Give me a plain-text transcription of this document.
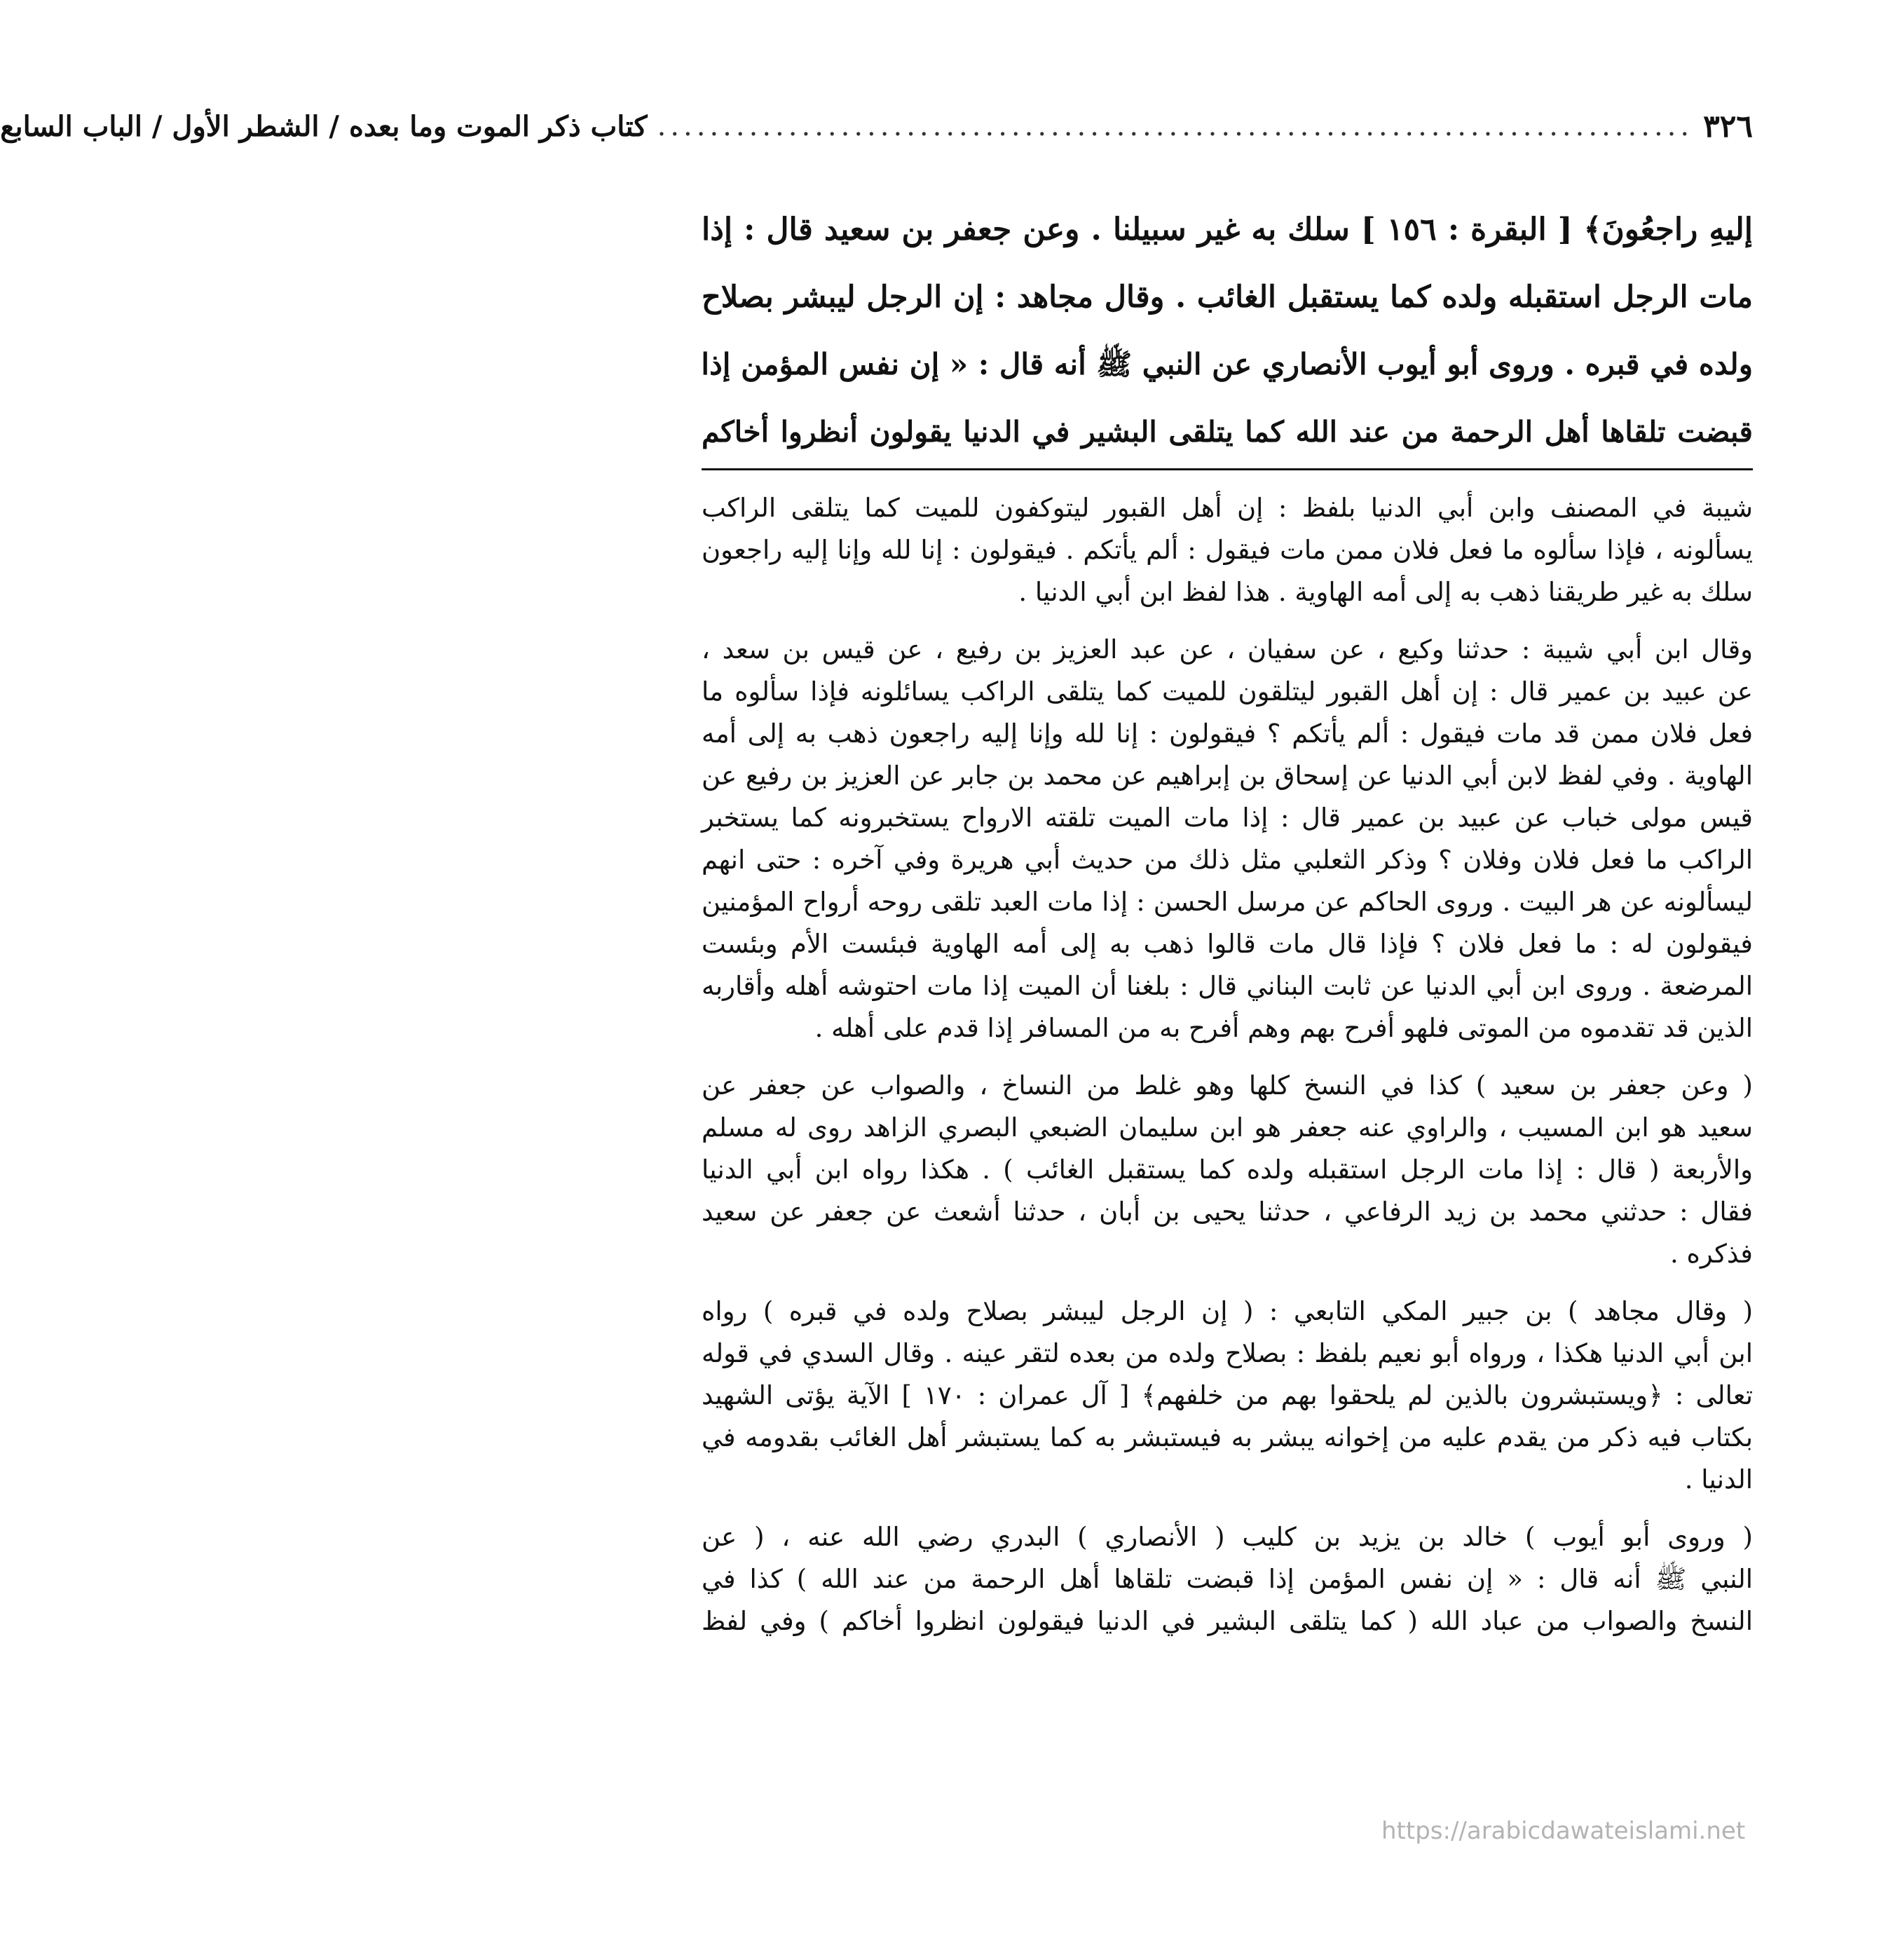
٣٢٦
...............................................................................
كتاب ذكر الموت وما بعده / الشطر الأول / الباب السابع
إليهِ راجعُونَ﴾ [ البقرة : ١٥٦ ] سلك به غير سبيلنا . وعن جعفر بن سعيد قال : إذا
مات الرجل استقبله ولده كما يستقبل الغائب . وقال مجاهد : إن الرجل ليبشر بصلاح
ولده في قبره . وروى أبو أيوب الأنصاري عن النبي ﷺ أنه قال : « إن نفس المؤمن إذا
قبضت تلقاها أهل الرحمة من عند الله كما يتلقى البشير في الدنيا يقولون أنظروا أخاكم
شيبة في المصنف وابن أبي الدنيا بلفظ : إن أهل القبور ليتوكفون للميت كما يتلقى الراكب
يسألونه ، فإذا سألوه ما فعل فلان ممن مات فيقول : ألم يأتكم . فيقولون : إنا لله وإنا إليه راجعون
سلك به غير طريقنا ذهب به إلى أمه الهاوية . هذا لفظ ابن أبي الدنيا .
وقال ابن أبي شيبة : حدثنا وكيع ، عن سفيان ، عن عبد العزيز بن رفيع ، عن قيس بن سعد ،
عن عبيد بن عمير قال : إن أهل القبور ليتلقون للميت كما يتلقى الراكب يسائلونه فإذا سألوه ما
فعل فلان ممن قد مات فيقول : ألم يأتكم ؟ فيقولون : إنا لله وإنا إليه راجعون ذهب به إلى أمه
الهاوية . وفي لفظ لابن أبي الدنيا عن إسحاق بن إبراهيم عن محمد بن جابر عن العزيز بن رفيع عن
قيس مولى خباب عن عبيد بن عمير قال : إذا مات الميت تلقته الارواح يستخبرونه كما يستخبر
الراكب ما فعل فلان وفلان ؟ وذكر الثعلبي مثل ذلك من حديث أبي هريرة وفي آخره : حتى انهم
ليسألونه عن هر البيت . وروى الحاكم عن مرسل الحسن : إذا مات العبد تلقى روحه أرواح المؤمنين
فيقولون له : ما فعل فلان ؟ فإذا قال مات قالوا ذهب به إلى أمه الهاوية فبئست الأم وبئست
المرضعة . وروى ابن أبي الدنيا عن ثابت البناني قال : بلغنا أن الميت إذا مات احتوشه أهله وأقاربه
الذين قد تقدموه من الموتى فلهو أفرح بهم وهم أفرح به من المسافر إذا قدم على أهله .
( وعن جعفر بن سعيد ) كذا في النسخ كلها وهو غلط من النساخ ، والصواب عن جعفر عن
سعيد هو ابن المسيب ، والراوي عنه جعفر هو ابن سليمان الضبعي البصري الزاهد روى له مسلم
والأربعة ( قال : إذا مات الرجل استقبله ولده كما يستقبل الغائب ) . هكذا رواه ابن أبي الدنيا
فقال : حدثني محمد بن زيد الرفاعي ، حدثنا يحيى بن أبان ، حدثنا أشعث عن جعفر عن سعيد
فذكره .
( وقال مجاهد ) بن جبير المكي التابعي : ( إن الرجل ليبشر بصلاح ولده في قبره ) رواه
ابن أبي الدنيا هكذا ، ورواه أبو نعيم بلفظ : بصلاح ولده من بعده لتقر عينه . وقال السدي في قوله
تعالى : ﴿ويستبشرون بالذين لم يلحقوا بهم من خلفهم﴾ [ آل عمران : ١٧٠ ] الآية يؤتى الشهيد
بكتاب فيه ذكر من يقدم عليه من إخوانه يبشر به فيستبشر به كما يستبشر أهل الغائب بقدومه في
الدنيا .
( وروى أبو أيوب ) خالد بن يزيد بن كليب ( الأنصاري ) البدري رضي الله عنه ، ( عن
النبي ﷺ أنه قال : « إن نفس المؤمن إذا قبضت تلقاها أهل الرحمة من عند الله ) كذا في
النسخ والصواب من عباد الله ( كما يتلقى البشير في الدنيا فيقولون انظروا أخاكم ) وفي لفظ
https://arabicdawateislami.net
